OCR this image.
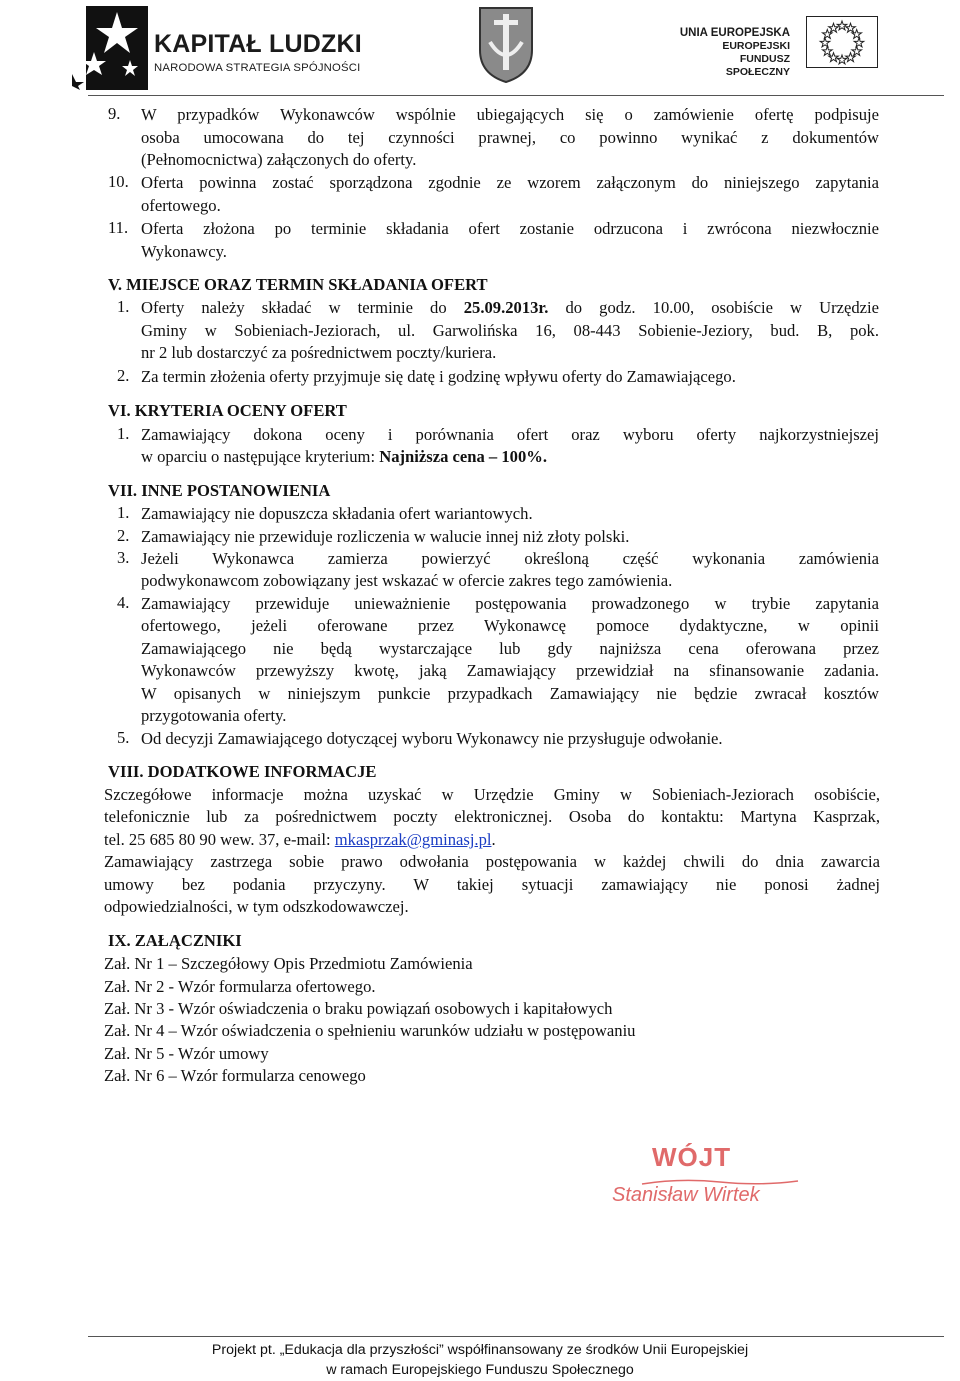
KAPITAŁ LUDZKI
NARODOWA STRATEGIA SPÓJNOŚCI
UNIA EUROPEJSKA
EUROPEJSKI
FUNDUSZ SPOŁECZNY
9. W przypadków Wykonawców wspólnie ubiegających się o zamówienie ofertę podpisuje
osoba umocowana do tej czynności prawnej, co powinno wynikać z dokumentów
(Pełnomocnictwa) załączonych do oferty.
10. Oferta powinna zostać sporządzona zgodnie ze wzorem załączonym do niniejszego zapytania
ofertowego.
11. Oferta złożona po terminie składania ofert zostanie odrzucona i zwrócona niezwłocznie
Wykonawcy.
V. MIEJSCE ORAZ TERMIN SKŁADANIA OFERT
1. Oferty należy składać w terminie do 25.09.2013r. do godz. 10.00, osobiście w Urzędzie
Gminy w Sobieniach-Jeziorach, ul. Garwolińska 16, 08-443 Sobienie-Jeziory, bud. B, pok.
nr 2 lub dostarczyć za pośrednictwem poczty/kuriera.
2. Za termin złożenia oferty przyjmuje się datę i godzinę wpływu oferty do Zamawiającego.
VI. KRYTERIA OCENY OFERT
1. Zamawiający dokona oceny i porównania ofert oraz wyboru oferty najkorzystniejszej
w oparciu o następujące kryterium: Najniższa cena – 100%.
VII. INNE POSTANOWIENIA
1. Zamawiający nie dopuszcza składania ofert wariantowych.
2. Zamawiający nie przewiduje rozliczenia w walucie innej niż złoty polski.
3. Jeżeli Wykonawca zamierza powierzyć określoną część wykonania zamówienia
podwykonawcom zobowiązany jest wskazać w ofercie zakres tego zamówienia.
4. Zamawiający przewiduje unieważnienie postępowania prowadzonego w trybie zapytania
ofertowego, jeżeli oferowane przez Wykonawcę pomoce dydaktyczne, w opinii
Zamawiającego nie będą wystarczające lub gdy najniższa cena oferowana przez
Wykonawców przewyższy kwotę, jaką Zamawiający przewidział na sfinansowanie zadania.
W opisanych w niniejszym punkcie przypadkach Zamawiający nie będzie zwracał kosztów
przygotowania oferty.
5. Od decyzji Zamawiającego dotyczącej wyboru Wykonawcy nie przysługuje odwołanie.
VIII. DODATKOWE INFORMACJE
Szczegółowe informacje można uzyskać w Urzędzie Gminy w Sobieniach-Jeziorach osobiście,
telefonicznie lub za pośrednictwem poczty elektronicznej. Osoba do kontaktu: Martyna Kasprzak,
tel. 25 685 80 90 wew. 37, e-mail: mkasprzak@gminasj.pl.
Zamawiający zastrzega sobie prawo odwołania postępowania w każdej chwili do dnia zawarcia
umowy bez podania przyczyny. W takiej sytuacji zamawiający nie ponosi żadnej
odpowiedzialności, w tym odszkodowawczej.
IX. ZAŁĄCZNIKI
Zał. Nr 1 – Szczegółowy Opis Przedmiotu Zamówienia
Zał. Nr 2 - Wzór formularza ofertowego.
Zał. Nr 3 - Wzór oświadczenia o braku powiązań osobowych i kapitałowych
Zał. Nr 4 – Wzór oświadczenia o spełnieniu warunków udziału w postępowaniu
Zał. Nr 5 - Wzór umowy
Zał. Nr 6 – Wzór formularza cenowego
WÓJT
Stanisław Wirtek
Projekt pt. „Edukacja dla przyszłości” współfinansowany ze środków Unii Europejskiej
w ramach Europejskiego Funduszu Społecznego
